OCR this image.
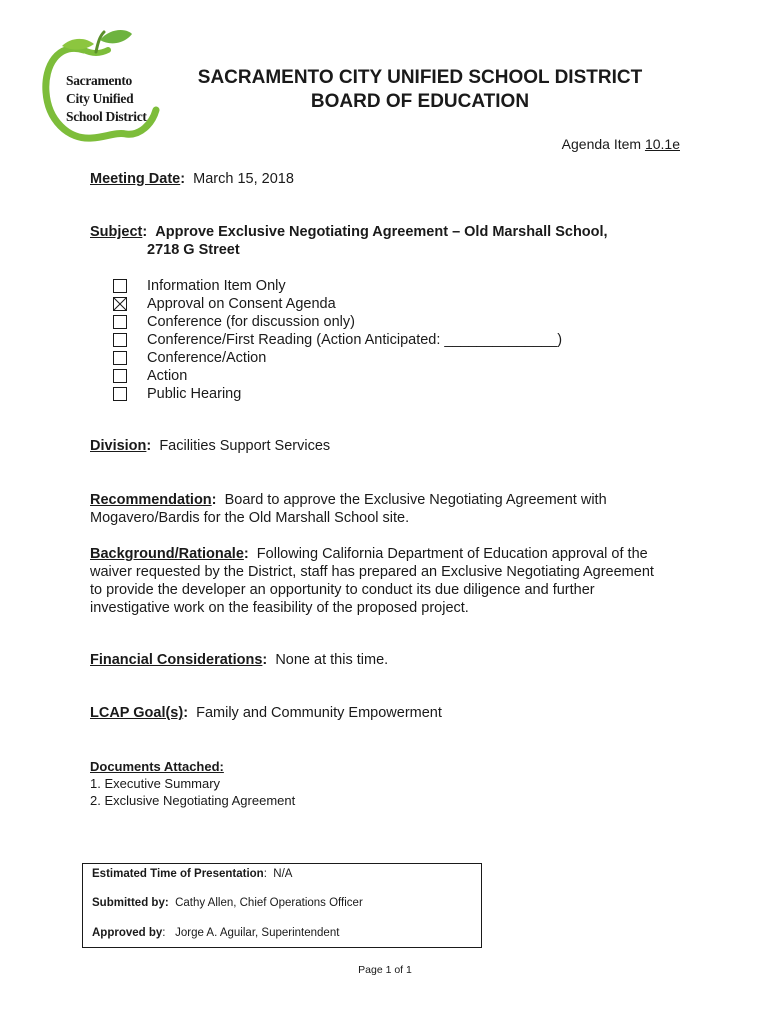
Sacramento
City Unified
School District
SACRAMENTO CITY UNIFIED SCHOOL DISTRICT
BOARD OF EDUCATION
Agenda Item 10.1e
Meeting Date: March 15, 2018
Subject: Approve Exclusive Negotiating Agreement – Old Marshall School,
2718 G Street
Information Item Only
Approval on Consent Agenda
Conference (for discussion only)
Conference/First Reading (Action Anticipated: ______________)
Conference/Action
Action
Public Hearing
Division: Facilities Support Services
Recommendation: Board to approve the Exclusive Negotiating Agreement with
Mogavero/Bardis for the Old Marshall School site.
Background/Rationale: Following California Department of Education approval of the
waiver requested by the District, staff has prepared an Exclusive Negotiating Agreement
to provide the developer an opportunity to conduct its due diligence and further
investigative work on the feasibility of the proposed project.
Financial Considerations: None at this time.
LCAP Goal(s): Family and Community Empowerment
Documents Attached:
1. Executive Summary
2. Exclusive Negotiating Agreement
Estimated Time of Presentation: N/A
Submitted by: Cathy Allen, Chief Operations Officer
Approved by: Jorge A. Aguilar, Superintendent
Page 1 of 1
